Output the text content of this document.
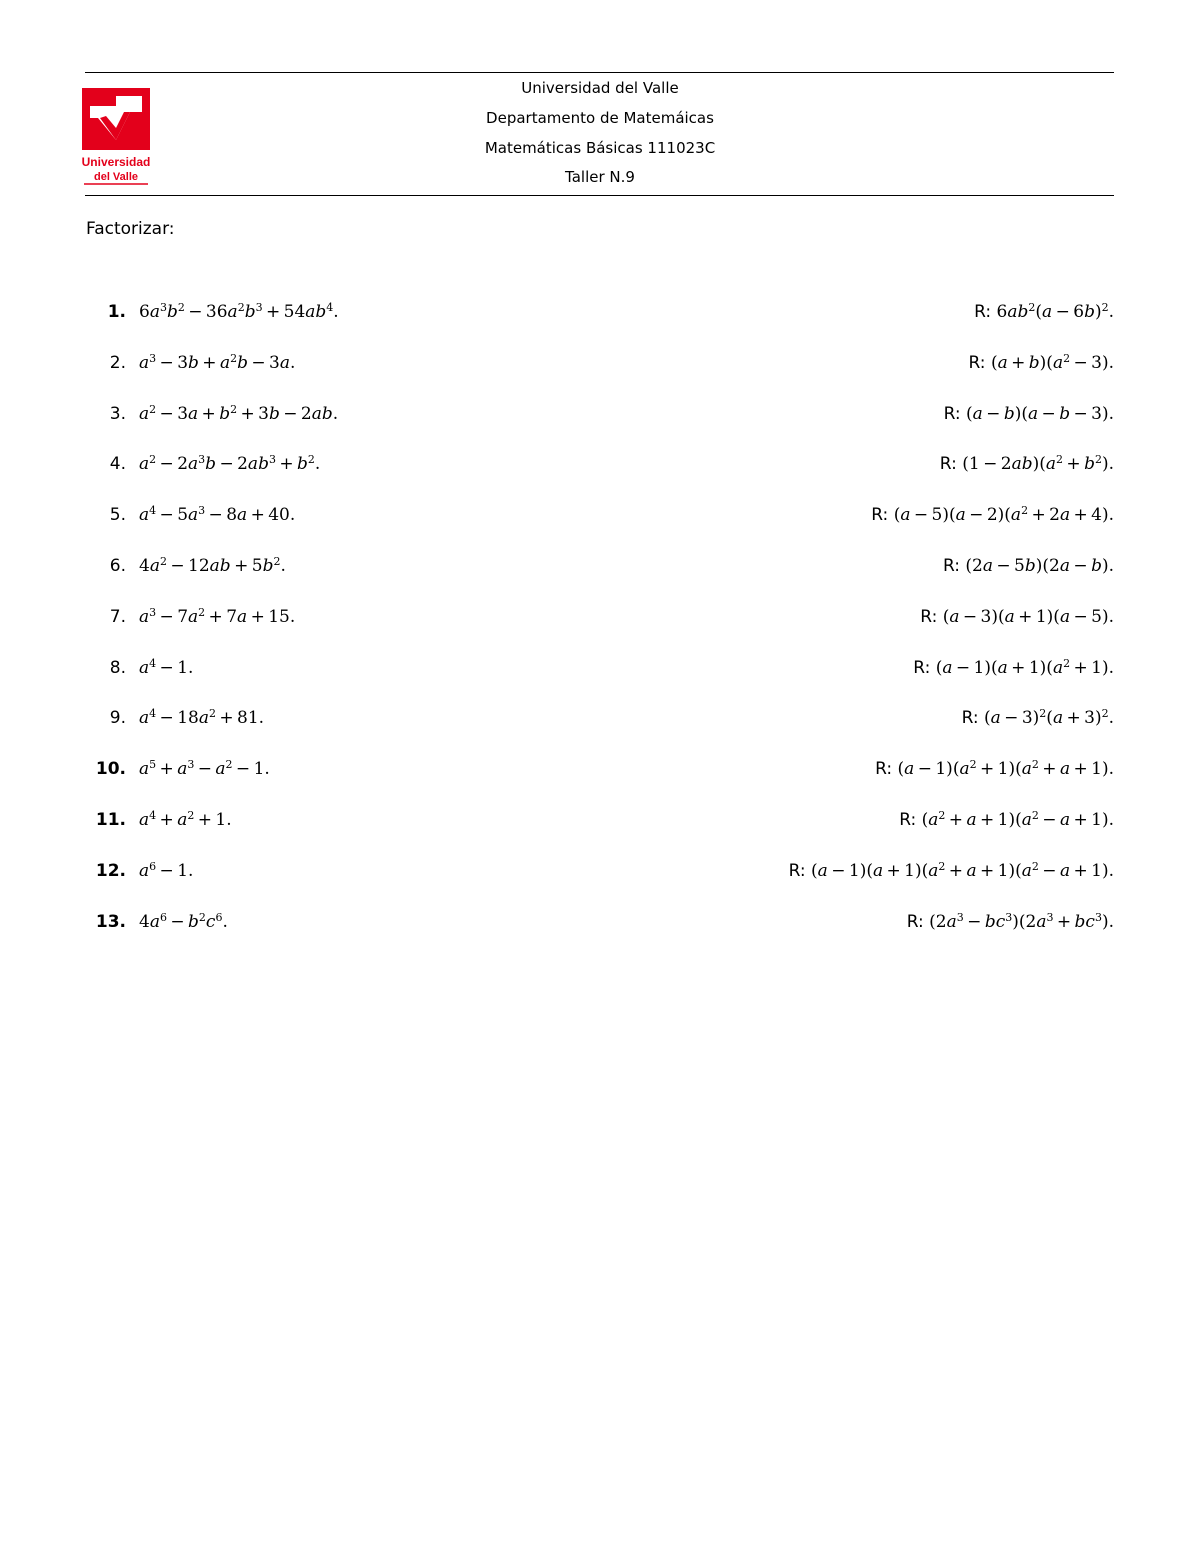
Universidad
del Valle
Universidad del Valle
Departamento de Matemáicas
Matemáticas Básicas 111023C
Taller N.9
Factorizar:
1. $6a^3b^2 - 36a^2b^3 + 54ab^4$.	R: $6ab^2(a - 6b)^2$.
2. $a^3 - 3b + a^2b - 3a$.	R: $(a + b)(a^2 - 3)$.
3. $a^2 - 3a + b^2 + 3b - 2ab$.	R: (a − b)(a − b − 3).
4. $a^2 - 2a^3b - 2ab^3 + b^2$.	R: $(1 - 2ab)(a^2 + b^2)$.
5. $a^4 - 5a^3 - 8a + 40$.	R: $(a - 5)(a - 2)(a^2 + 2a + 4)$.
6. $4a^2 - 12ab + 5b^2$.	R: (2a − 5b)(2a − b).
7. $a^3 - 7a^2 + 7a + 15$.	R: (a − 3)(a + 1)(a − 5).
8. $a^4 - 1$.	R: $(a - 1)(a + 1)(a^2 + 1)$.
9. $a^4 - 18a^2 + 81$.	R: $(a - 3)^2(a + 3)^2$.
10. $a^5 + a^3 - a^2 - 1$.	R: $(a - 1)(a^2 + 1)(a^2 + a + 1)$.
11. $a^4 + a^2 + 1$.	R: $(a^2 + a + 1)(a^2 - a + 1)$.
12. $a^6 - 1$.	R: $(a - 1)(a + 1)(a^2 + a + 1)(a^2 - a + 1)$.
13. $4a^6 - b^2c^6$.	R: $(2a^3 - bc^3)(2a^3 + bc^3)$.
